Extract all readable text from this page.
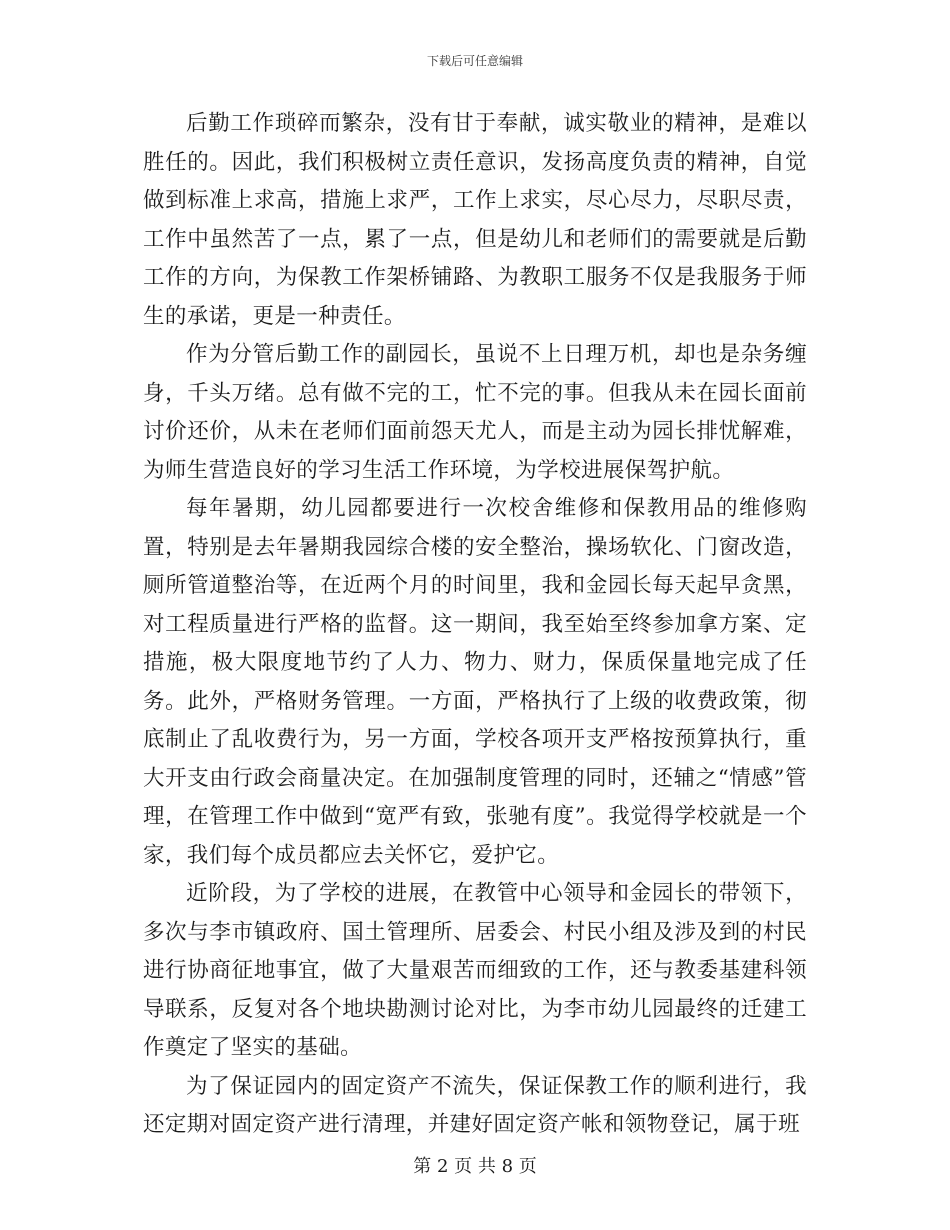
下载后可任意编辑

后勤工作琐碎而繁杂，没有甘于奉献，诚实敬业的精神，是难以胜任的。因此，我们积极树立责任意识，发扬高度负责的精神，自觉做到标准上求高，措施上求严，工作上求实，尽心尽力，尽职尽责，工作中虽然苦了一点，累了一点，但是幼儿和老师们的需要就是后勤工作的方向，为保教工作架桥铺路、为教职工服务不仅是我服务于师生的承诺，更是一种责任。

作为分管后勤工作的副园长，虽说不上日理万机，却也是杂务缠身，千头万绪。总有做不完的工，忙不完的事。但我从未在园长面前讨价还价，从未在老师们面前怨天尤人，而是主动为园长排忧解难，为师生营造良好的学习生活工作环境，为学校进展保驾护航。

每年暑期，幼儿园都要进行一次校舍维修和保教用品的维修购置，特别是去年暑期我园综合楼的安全整治，操场软化、门窗改造，厕所管道整治等，在近两个月的时间里，我和金园长每天起早贪黑，对工程质量进行严格的监督。这一期间，我至始至终参加拿方案、定措施，极大限度地节约了人力、物力、财力，保质保量地完成了任务。此外，严格财务管理。一方面，严格执行了上级的收费政策，彻底制止了乱收费行为，另一方面，学校各项开支严格按预算执行，重大开支由行政会商量决定。在加强制度管理的同时，还辅之“情感”管理，在管理工作中做到“宽严有致，张驰有度”。我觉得学校就是一个家，我们每个成员都应去关怀它，爱护它。

近阶段，为了学校的进展，在教管中心领导和金园长的带领下，多次与李市镇政府、国土管理所、居委会、村民小组及涉及到的村民进行协商征地事宜，做了大量艰苦而细致的工作，还与教委基建科领导联系，反复对各个地块勘测讨论对比，为李市幼儿园最终的迁建工作奠定了坚实的基础。

为了保证园内的固定资产不流失，保证保教工作的顺利进行，我还定期对固定资产进行清理，并建好固定资产帐和领物登记，属于班

第 2 页 共 8 页
